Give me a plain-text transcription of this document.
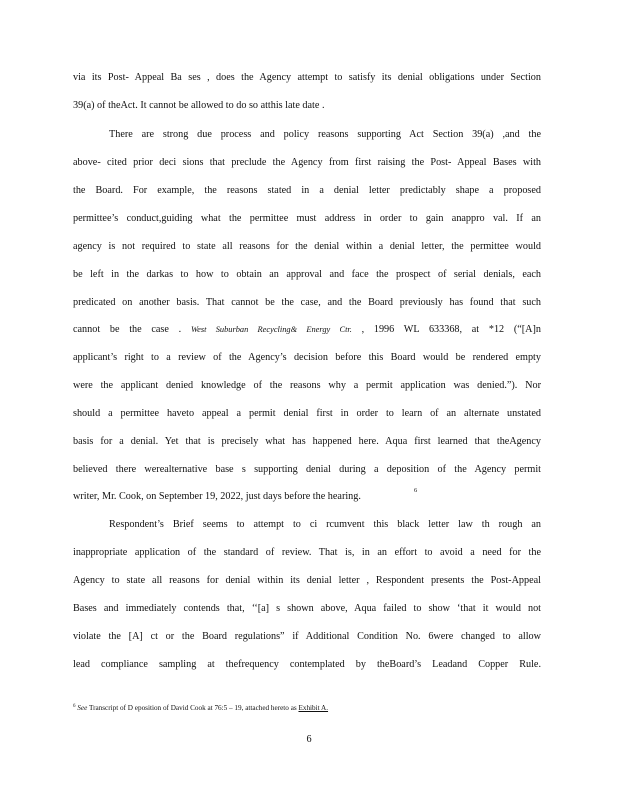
via its Post- Appeal Ba ses , does the Agency attempt to satisfy its denial obligations under Section

39(a) of theAct. It cannot be allowed to do so atthis late date .

There are strong due process and policy reasons supporting Act Section 39(a) ,and the

above- cited prior deci sions that preclude the Agency from first raising the Post- Appeal Bases with

the Board. For example, the reasons stated in a denial letter predictably shape a proposed

permittee’s conduct,guiding what the permittee must address in order to gain anappro val. If an

agency is not required to state all reasons for the denial within a denial letter, the permittee would

be left in the darkas to how to obtain an approval and face the prospect of serial denials, each

predicated on another basis. That cannot be the case, and the Board previously has found that such

cannot be the case . West Suburban Recycling& Energy Ctr. , 1996 WL 633368, at *12 (“[A]n

applicant’s right to a review of the Agency’s decision before this Board would be rendered empty

were the applicant denied knowledge of the reasons why a permit application was denied.”). Nor

should a permittee haveto appeal a permit denial first in order to learn of an alternate unstated

basis for a denial. Yet that is precisely what has happened here. Aqua first learned that theAgency

believed there werealternative base s supporting denial during a deposition of the Agency permit

writer, Mr. Cook, on September 19, 2022, just days before the hearing.

6

Respondent’s Brief seems to attempt to ci rcumvent this black letter law th rough an

inappropriate application of the standard of review. That is, in an effort to avoid a need for the

Agency to state all reasons for denial within its denial letter , Respondent presents the Post-Appeal

Bases and immediately contends that, ‘‘[a] s shown above, Aqua failed to show ‘that it would not

violate the [A] ct or the Board regulations” if Additional Condition No. 6were changed to allow

lead compliance sampling at thefrequency contemplated by theBoard’s Leadand Copper Rule.

$^6$ See Transcript of D eposition of David Cook at 76:5 – 19, attached hereto as Exhibit A.

6
